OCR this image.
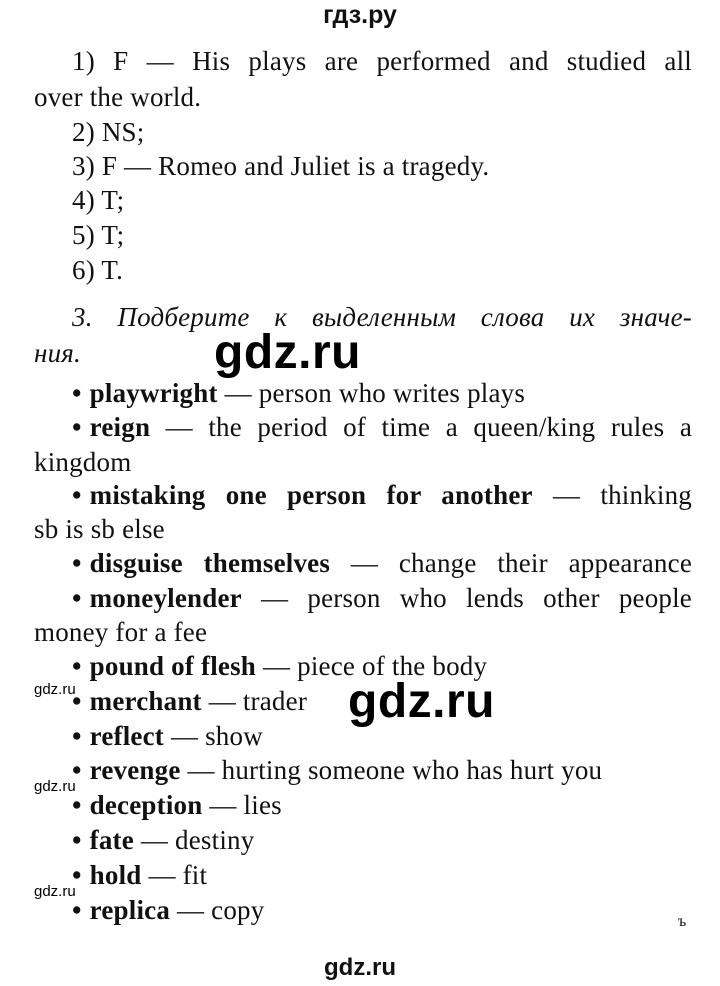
гдз.ру
1) F — His plays are performed and studied all
over the world.
2) NS;
3) F — Romeo and Juliet is a tragedy.
4) T;
5) T;
6) T.
3. Подберите к выделенным слова их значе-
ния.
• playwright — person who writes plays
• reign — the period of time a queen/king rules a
kingdom
• mistaking one person for another — thinking
sb is sb else
• disguise themselves — change their appearance
• moneylender — person who lends other people
money for a fee
• pound of flesh — piece of the body
• merchant — trader
• reflect — show
• revenge — hurting someone who has hurt you
• deception — lies
• fate — destiny
• hold — fit
• replica — copy
gdz.ru
gdz.ru
gdz.ru
gdz.ru
gdz.ru
ъ
gdz.ru
